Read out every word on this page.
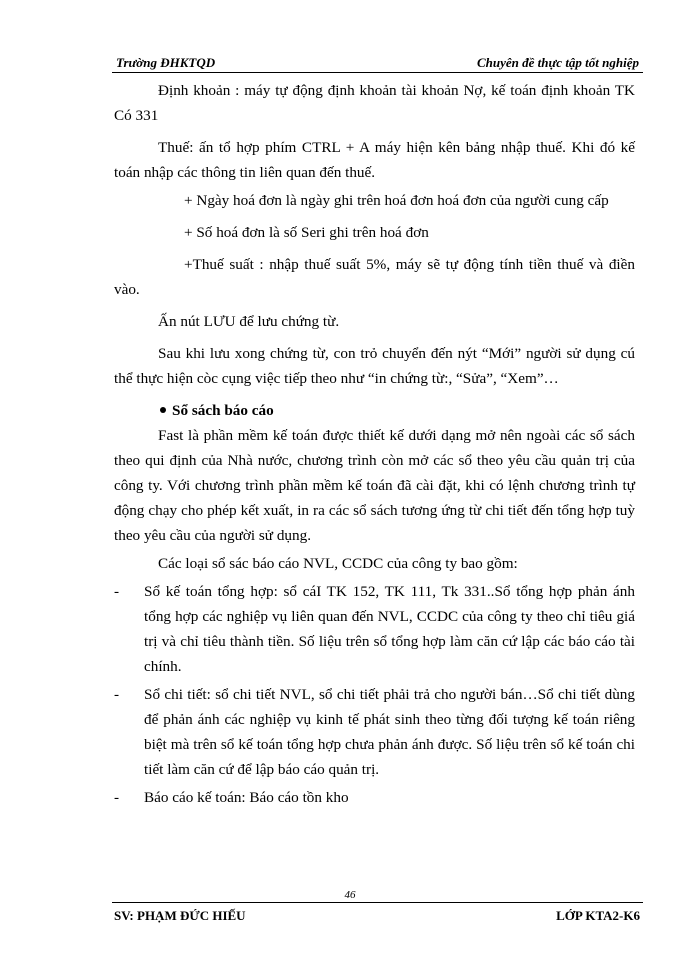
Trường ĐHKTQD	Chuyên đề thực tập tốt nghiệp

Định khoản : máy tự động định khoản tài khoản Nợ, kế toán định khoản TK Có 331

Thuế: ấn tổ hợp phím CTRL + A máy hiện kên bảng nhập thuế. Khi đó kế toán nhập các thông tin liên quan đến thuế.

+ Ngày hoá đơn là ngày ghi trên hoá đơn hoá đơn của người cung cấp

+ Số hoá đơn là số Seri ghi trên hoá đơn

+Thuế suất : nhập thuế suất 5%, máy sẽ tự động tính tiền thuế và điền vào.

Ấn nút LƯU để lưu chứng từ.

Sau khi lưu xong chứng từ, con trỏ chuyển đến nýt “Mới” người sử dụng cú thể thực hiện còc cụng việc tiếp theo như “in chứng từ:, “Sửa”, “Xem”…

Sổ sách báo cáo

Fast là phần mềm kế toán được thiết kế dưới dạng mở nên ngoài các sổ sách theo qui định của Nhà nước, chương trình còn mở các sổ theo yêu cầu quản trị của công ty. Với chương trình phần mềm kế toán đã cài đặt, khi có lệnh chương trình tự động chạy cho phép kết xuất, in ra các sổ sách tương ứng từ chi tiết đến tổng hợp tuỳ theo yêu cầu của người sử dụng.

Các loại sổ sác báo cáo NVL, CCDC của công ty bao gồm:

- Sổ kế toán tổng hợp: sổ cáI TK 152, TK 111, Tk 331..Sổ tổng hợp phản ánh tổng hợp các nghiệp vụ liên quan đến NVL, CCDC của công ty theo chỉ tiêu giá trị và chỉ tiêu thành tiền. Số liệu trên sổ tổng hợp làm căn cứ lập các báo cáo tài chính.

- Sổ chi tiết: sổ chi tiết NVL, sổ chi tiết phải trả cho người bán…Sổ chi tiết dùng để phản ánh các nghiệp vụ kinh tế phát sinh theo từng đối tượng kế toán riêng biệt mà trên sổ kế toán tổng hợp chưa phản ánh được. Số liệu trên sổ kế toán chi tiết làm căn cứ để lập báo cáo quản trị.

- Báo cáo kế toán: Báo cáo tồn kho

46
SV: PHẠM ĐỨC HIẾU	LỚP KTA2-K6
